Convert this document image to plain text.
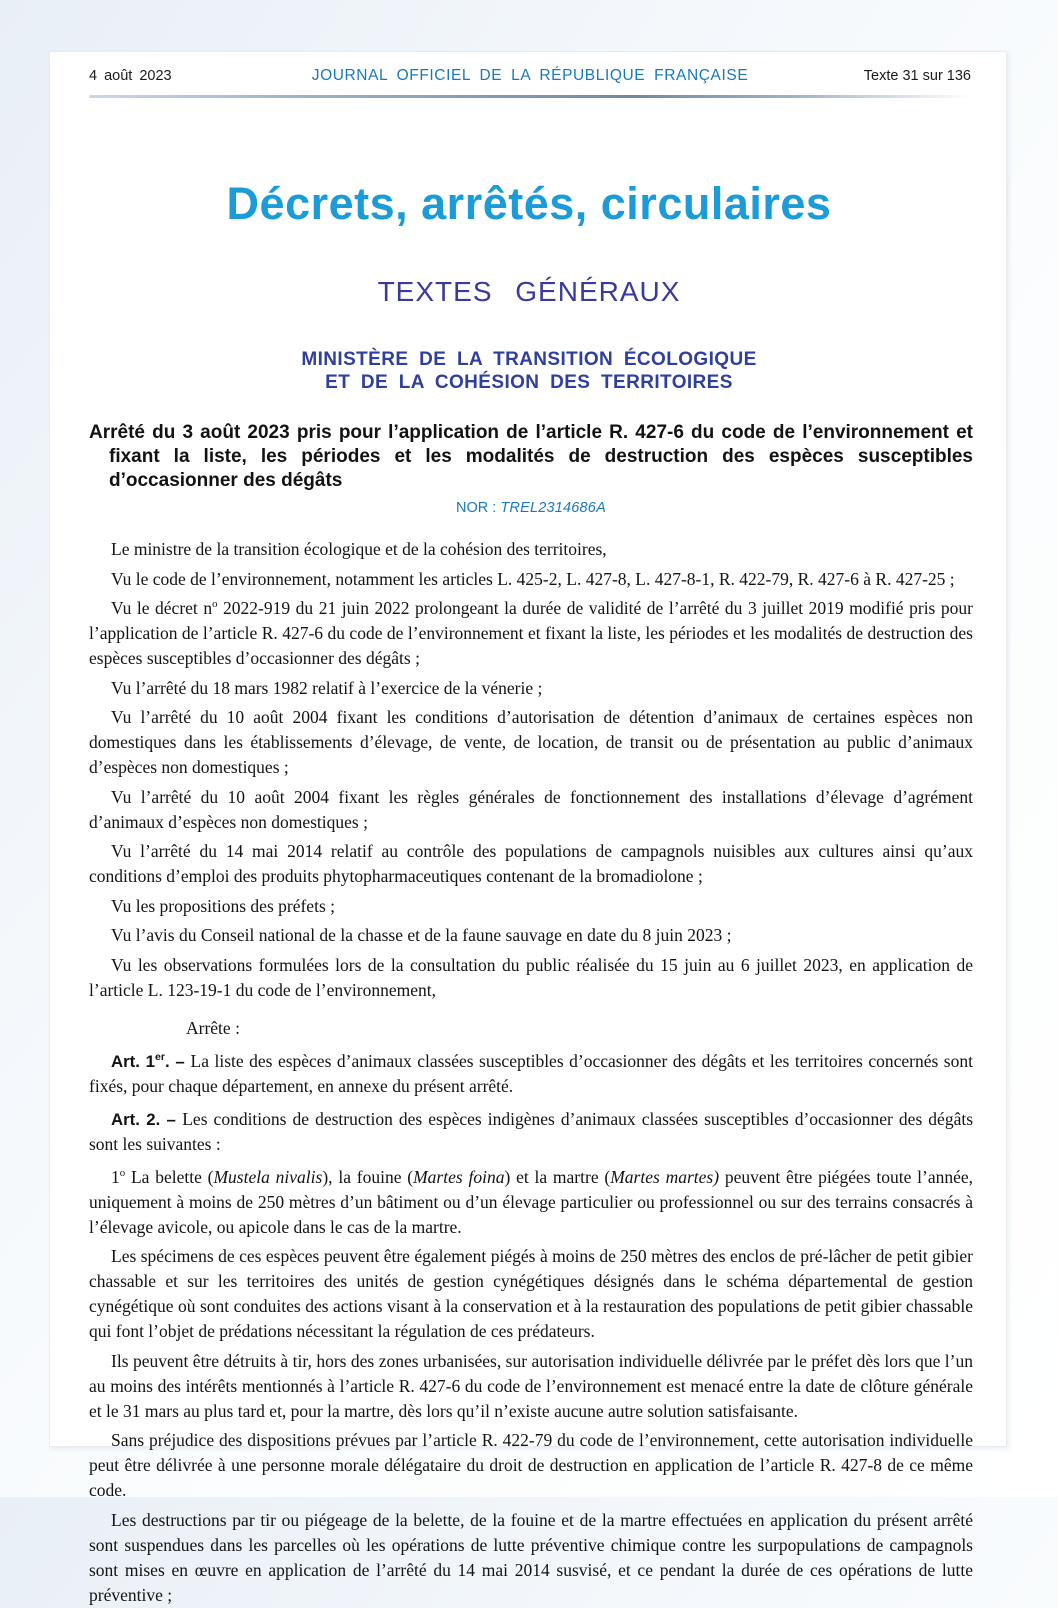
4 août 2023	JOURNAL OFFICIEL DE LA RÉPUBLIQUE FRANÇAISE	Texte 31 sur 136
Décrets, arrêtés, circulaires
TEXTES GÉNÉRAUX
MINISTÈRE DE LA TRANSITION ÉCOLOGIQUE
ET DE LA COHÉSION DES TERRITOIRES
Arrêté du 3 août 2023 pris pour l’application de l’article R. 427-6 du code de l’environnement et fixant la liste, les périodes et les modalités de destruction des espèces susceptibles d’occasionner des dégâts
NOR : TREL2314686A

Le ministre de la transition écologique et de la cohésion des territoires,

Vu le code de l’environnement, notamment les articles L. 425-2, L. 427-8, L. 427-8-1, R. 422-79, R. 427-6 à R. 427-25 ;

Vu le décret $n^o$ 2022-919 du 21 juin 2022 prolongeant la durée de validité de l’arrêté du 3 juillet 2019 modifié pris pour l’application de l’article R. 427-6 du code de l’environnement et fixant la liste, les périodes et les modalités de destruction des espèces susceptibles d’occasionner des dégâts ;

Vu l’arrêté du 18 mars 1982 relatif à l’exercice de la vénerie ;

Vu l’arrêté du 10 août 2004 fixant les conditions d’autorisation de détention d’animaux de certaines espèces non domestiques dans les établissements d’élevage, de vente, de location, de transit ou de présentation au public d’animaux d’espèces non domestiques ;

Vu l’arrêté du 10 août 2004 fixant les règles générales de fonctionnement des installations d’élevage d’agrément d’animaux d’espèces non domestiques ;

Vu l’arrêté du 14 mai 2014 relatif au contrôle des populations de campagnols nuisibles aux cultures ainsi qu’aux conditions d’emploi des produits phytopharmaceutiques contenant de la bromadiolone ;

Vu les propositions des préfets ;

Vu l’avis du Conseil national de la chasse et de la faune sauvage en date du 8 juin 2023 ;

Vu les observations formulées lors de la consultation du public réalisée du 15 juin au 6 juillet 2023, en application de l’article L. 123-19-1 du code de l’environnement,

Arrête :

Art. 1er. – La liste des espèces d’animaux classées susceptibles d’occasionner des dégâts et les territoires concernés sont fixés, pour chaque département, en annexe du présent arrêté.

Art. 2. – Les conditions de destruction des espèces indigènes d’animaux classées susceptibles d’occasionner des dégâts sont les suivantes :

1$^o$ La belette (Mustela nivalis), la fouine (Martes foina) et la martre (Martes martes) peuvent être piégées toute l’année, uniquement à moins de 250 mètres d’un bâtiment ou d’un élevage particulier ou professionnel ou sur des terrains consacrés à l’élevage avicole, ou apicole dans le cas de la martre.

Les spécimens de ces espèces peuvent être également piégés à moins de 250 mètres des enclos de pré-lâcher de petit gibier chassable et sur les territoires des unités de gestion cynégétiques désignés dans le schéma départemental de gestion cynégétique où sont conduites des actions visant à la conservation et à la restauration des populations de petit gibier chassable qui font l’objet de prédations nécessitant la régulation de ces prédateurs.

Ils peuvent être détruits à tir, hors des zones urbanisées, sur autorisation individuelle délivrée par le préfet dès lors que l’un au moins des intérêts mentionnés à l’article R. 427-6 du code de l’environnement est menacé entre la date de clôture générale et le 31 mars au plus tard et, pour la martre, dès lors qu’il n’existe aucune autre solution satisfaisante.

Sans préjudice des dispositions prévues par l’article R. 422-79 du code de l’environnement, cette autorisation individuelle peut être délivrée à une personne morale délégataire du droit de destruction en application de l’article R. 427-8 de ce même code.

Les destructions par tir ou piégeage de la belette, de la fouine et de la martre effectuées en application du présent arrêté sont suspendues dans les parcelles où les opérations de lutte préventive chimique contre les surpopulations de campagnols sont mises en œuvre en application de l’arrêté du 14 mai 2014 susvisé, et ce pendant la durée de ces opérations de lutte préventive ;
